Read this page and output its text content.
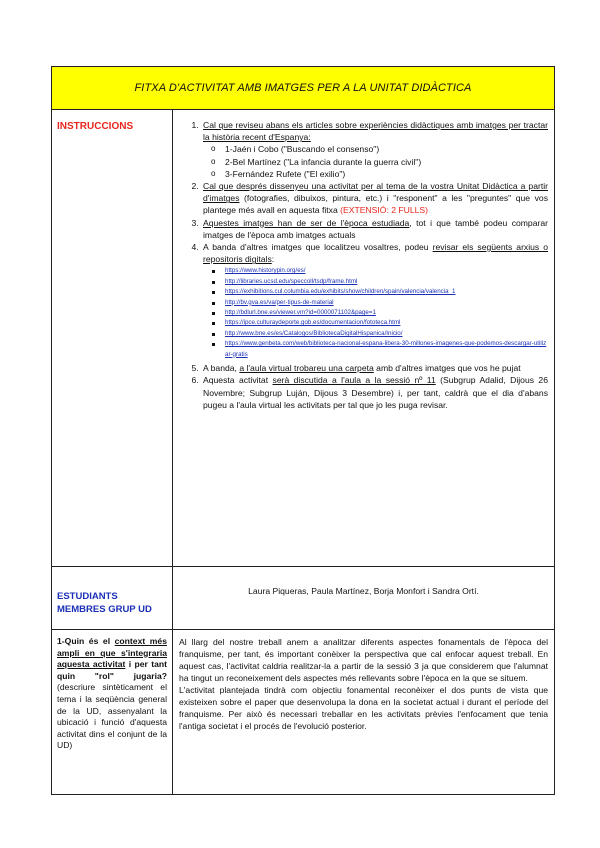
FITXA D'ACTIVITAT AMB IMATGES PER A LA UNITAT DIDÀCTICA
INSTRUCCIONS
1.	Cal que reviseu abans els articles sobre experiències didàctiques amb imatges per tractar la història recent d'Espanya:
o 1-Jaén i Cobo ("Buscando el consenso")
o 2-Bel Martínez ("La infancia durante la guerra civil")
o 3-Fernández Rufete ("El exilio")
2. Cal que després dissenyeu una activitat per al tema de la vostra Unitat Didàctica a partir d'imatges (fotografies, dibuixos, pintura, etc.) i "responent" a les "preguntes" que vos plantege més avall en aquesta fitxa (EXTENSIÓ: 2 FULLS)
3. Aquestes imatges han de ser de l'època estudiada, tot i que també podeu comparar imatges de l'època amb imatges actuals
4. A banda d'altres imatges que localitzeu vosaltres, podeu revisar els següents arxius o repositoris digitals:
https://www.historypin.org/es/
http://libraries.ucsd.edu/speccoll/tsdp/frame.html
https://exhibitions.cul.columbia.edu/exhibits/show/children/spain/valencia/valencia_1
http://bv.gva.es/va/per-tipus-de-material
http://bdlurl.bne.es/viewer.vm?id=0000071102&page=1
https://ipce.culturaydeporte.gob.es/documentacion/fototeca.html
http://www.bne.es/es/Catalogos/BibliotecaDigitalHispanica/Inicio/
https://www.genbeta.com/web/biblioteca-nacional-espana-libera-30-millones-imagenes-que-podemos-descargar-utilizar-gratis
5. A banda, a l'aula virtual trobareu una carpeta amb d'altres imatges que vos he pujat
6. Aquesta activitat serà discutida a l'aula a la sessió nº 11 (Subgrup Adalid, Dijous 26 Novembre; Subgrup Luján, Dijous 3 Desembre) i, per tant, caldrà que el dia d'abans pugeu a l'aula virtual les activitats per tal que jo les puga revisar.
ESTUDIANTS MEMBRES GRUP UD
Laura Piqueras, Paula Martínez, Borja Monfort i Sandra Ortí.
1-Quin és el context més ampli en que s'integraria aquesta activitat i per tant quin "rol" jugaria? (descriure sintèticament el tema i la seqüència general de la UD, assenyalant la ubicació i funció d'aquesta activitat dins el conjunt de la UD)

Al llarg del nostre treball anem a analitzar diferents aspectes fonamentals de l'època del franquisme, per tant, és important conèixer la perspectiva que cal enfocar aquest treball. En aquest cas, l'activitat caldria realitzar-la a partir de la sessió 3 ja que considerem que l'alumnat ha tingut un reconeixement dels aspectes més rellevants sobre l'època en la que se situem.

L'activitat plantejada tindrà com objectiu fonamental reconèixer el dos punts de vista que existeixen sobre el paper que desenvolupa la dona en la societat actual i durant el període del franquisme. Per això és necessari treballar en les activitats prèvies l'enfocament que tenia l'antiga societat i el procés de l'evolució posterior.
